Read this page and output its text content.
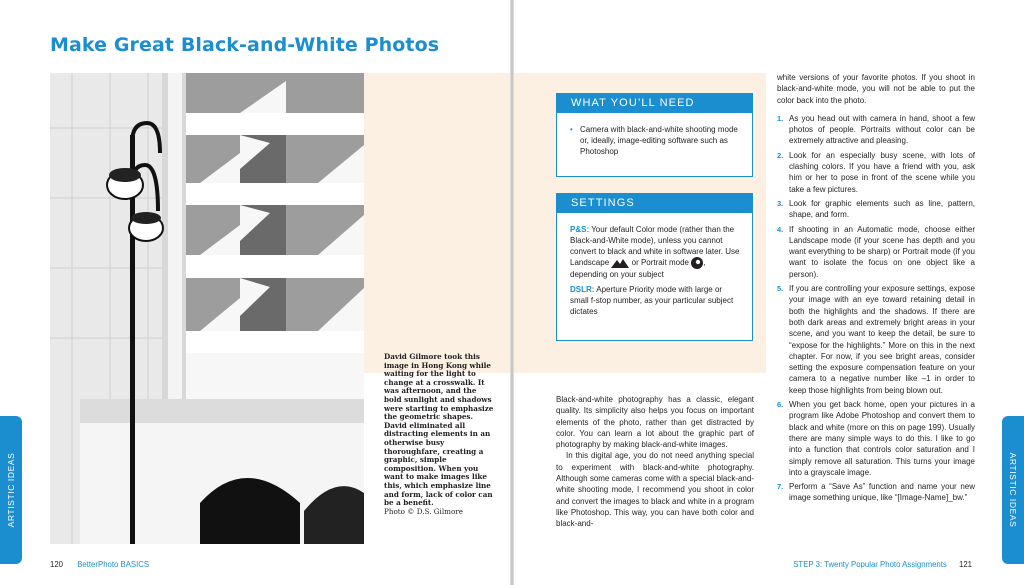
Make Great Black-and-White Photos
David Gilmore took this image in Hong Kong while waiting for the light to change at a crosswalk. It was afternoon, and the bold sunlight and shadows were starting to emphasize the geometric shapes. David eliminated all distracting elements in an otherwise busy thoroughfare, creating a graphic, simple composition. When you want to make images like this, which emphasize line and form, lack of color can be a benefit.
Photo © D.S. Gilmore
ARTISTIC IDEAS	ARTISTIC IDEAS
120 BetterPhoto BASICS	STEP 3: Twenty Popular Photo Assignments 121
WHAT YOU’LL NEED
• Camera with black-and-white shooting mode or, ideally, image-editing software such as Photoshop
SETTINGS

P&S: Your default Color mode (rather than the Black-and-White mode), unless you cannot convert to black and white in software later. Use Landscape	or Portrait mode , depending on your subject

DSLR: Aperture Priority mode with large or small f-stop number, as your particular subject dictates

Black-and-white photography has a classic, elegant quality. Its simplicity also helps you focus on important elements of the photo, rather than get distracted by color. You can learn a lot about the graphic part of photography by making black-and-white images.

In this digital age, you do not need anything special to experiment with black-and-white photography. Although some cameras come with a special black-and-white shooting mode, I recommend you shoot in color and convert the images to black and white in a program like Photoshop. This way, you can have both color and black-and-

white versions of your favorite photos. If you shoot in black-and-white mode, you will not be able to put the color back into the photo.

1. As you head out with camera in hand, shoot a few photos of people. Portraits without color can be extremely attractive and pleasing.
2. Look for an especially busy scene, with lots of clashing colors. If you have a friend with you, ask him or her to pose in front of the scene while you take a few pictures.
3. Look for graphic elements such as line, pattern, shape, and form.
4. If shooting in an Automatic mode, choose either Landscape mode (if your scene has depth and you want everything to be sharp) or Portrait mode (if you want to isolate the focus on one object like a person).
5. If you are controlling your exposure settings, expose your image with an eye toward retaining detail in both the highlights and the shadows. If there are both dark areas and extremely bright areas in your scene, and you want to keep the detail, be sure to “expose for the highlights.” More on this in the next chapter. For now, if you see bright areas, consider setting the exposure compensation feature on your camera to a negative number like –1 in order to keep those highlights from being blown out.
6. When you get back home, open your pictures in a program like Adobe Photoshop and convert them to black and white (more on this on page 199). Usually there are many simple ways to do this. I like to go into a function that controls color saturation and I simply remove all saturation. This turns your image into a grayscale image.
7. Perform a “Save As” function and name your new image something unique, like “[Image-Name]_bw.”
